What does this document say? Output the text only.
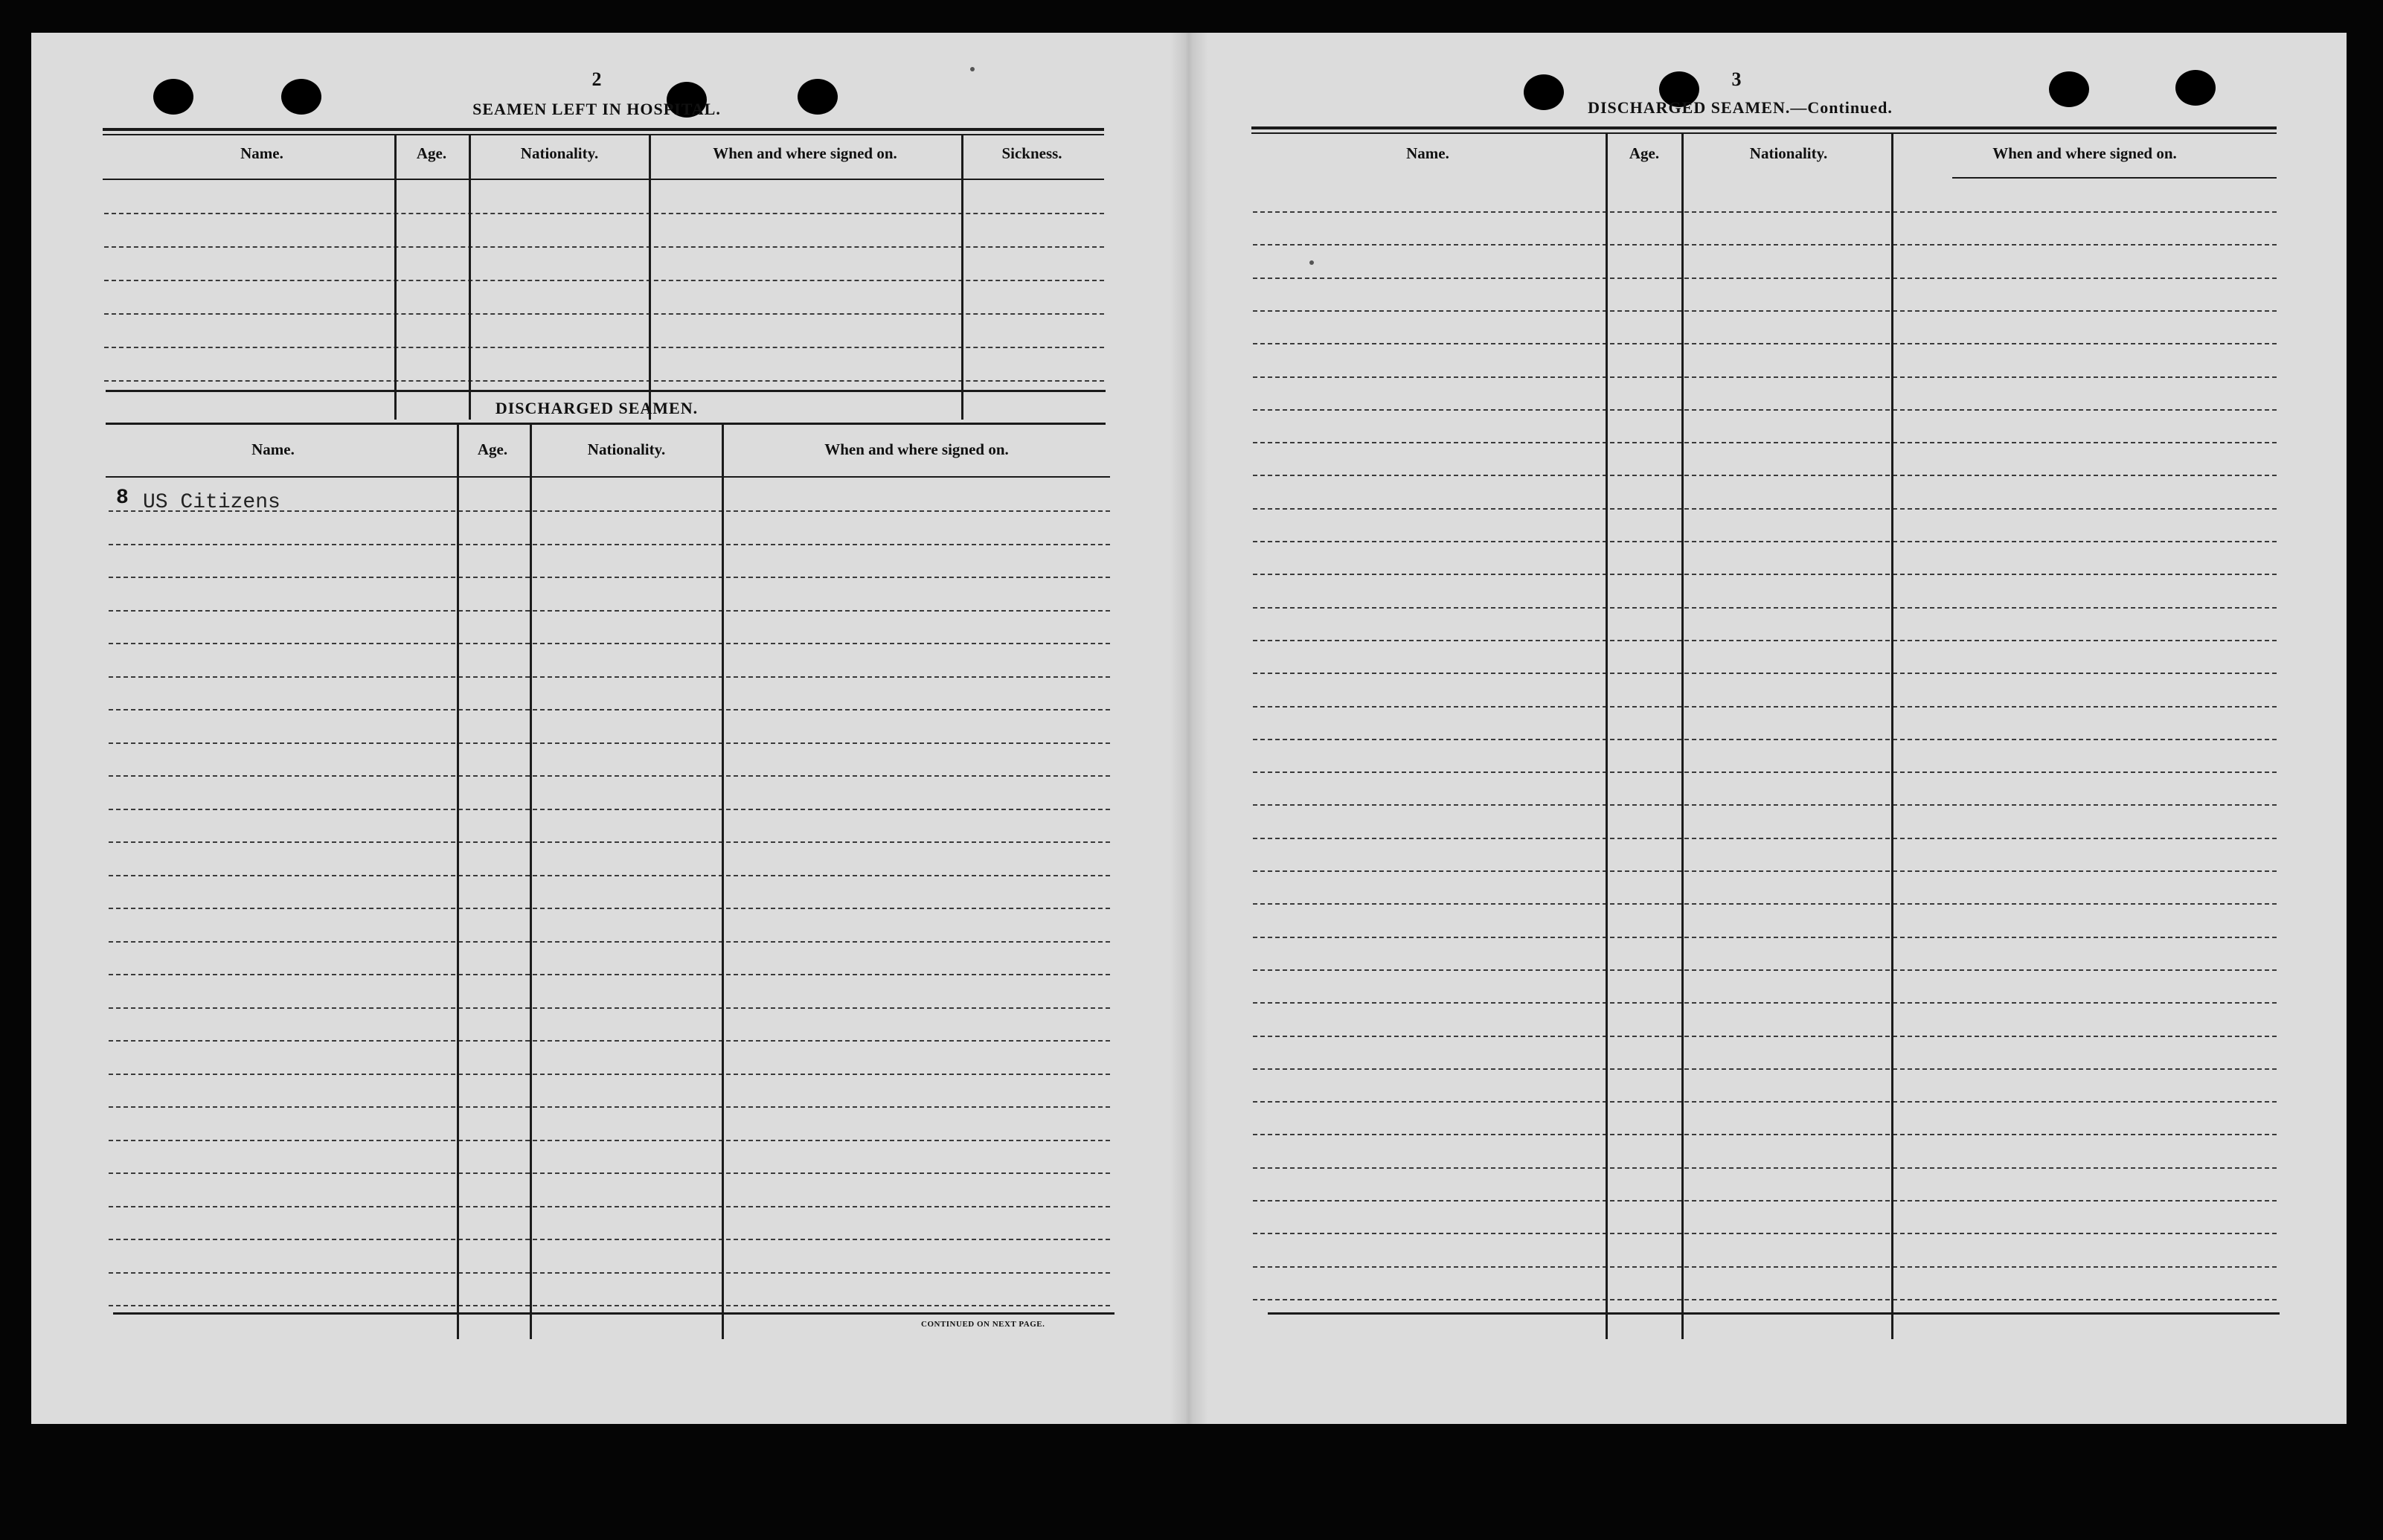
2
SEAMEN LEFT IN HOSPITAL.
Name.	Age.	Nationality.	When and where signed on.	Sickness.
DISCHARGED SEAMEN.
Name.	Age.	Nationality.	When and where signed on.
8 US Citizens
CONTINUED ON NEXT PAGE.
3
DISCHARGED SEAMEN.—Continued.
Name.	Age.	Nationality.	When and where signed on.
